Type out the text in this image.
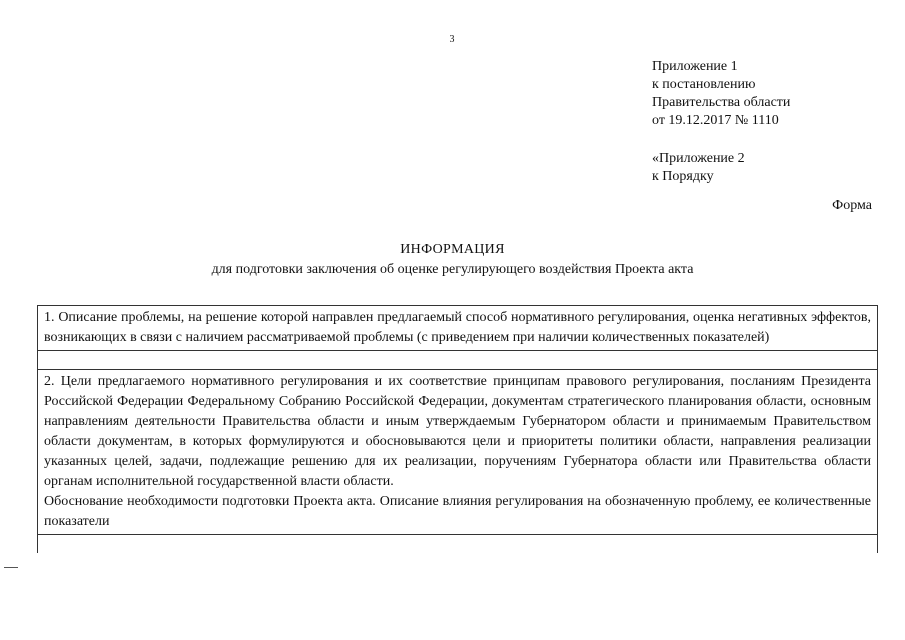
3
Приложение 1
к постановлению
Правительства области
от 19.12.2017 № 1110
«Приложение 2
к Порядку
Форма
ИНФОРМАЦИЯ
для подготовки заключения об оценке регулирующего воздействия Проекта акта

1. Описание проблемы, на решение которой направлен предлагаемый способ нормативного регулирования, оценка негативных эффектов, возникающих в связи с наличием рассматриваемой проблемы (с приведением при наличии количественных показателей)

2. Цели предлагаемого нормативного регулирования и их соответствие принципам правового регулирования, посланиям Президента Российской Федерации Федеральному Собранию Российской Федерации, документам стратегического планирования области, основным направлениям деятельности Правительства области и иным утверждаемым Губернатором области и принимаемым Правительством области документам, в которых формулируются и обосновываются цели и приоритеты политики области, направления реализации указанных целей, задачи, подлежащие решению для их реализации, поручениям Губернатора области или Правительства области органам исполнительной государственной власти области.

Обоснование необходимости подготовки Проекта акта. Описание влияния регулирования на обозначенную проблему, ее количественные показатели
